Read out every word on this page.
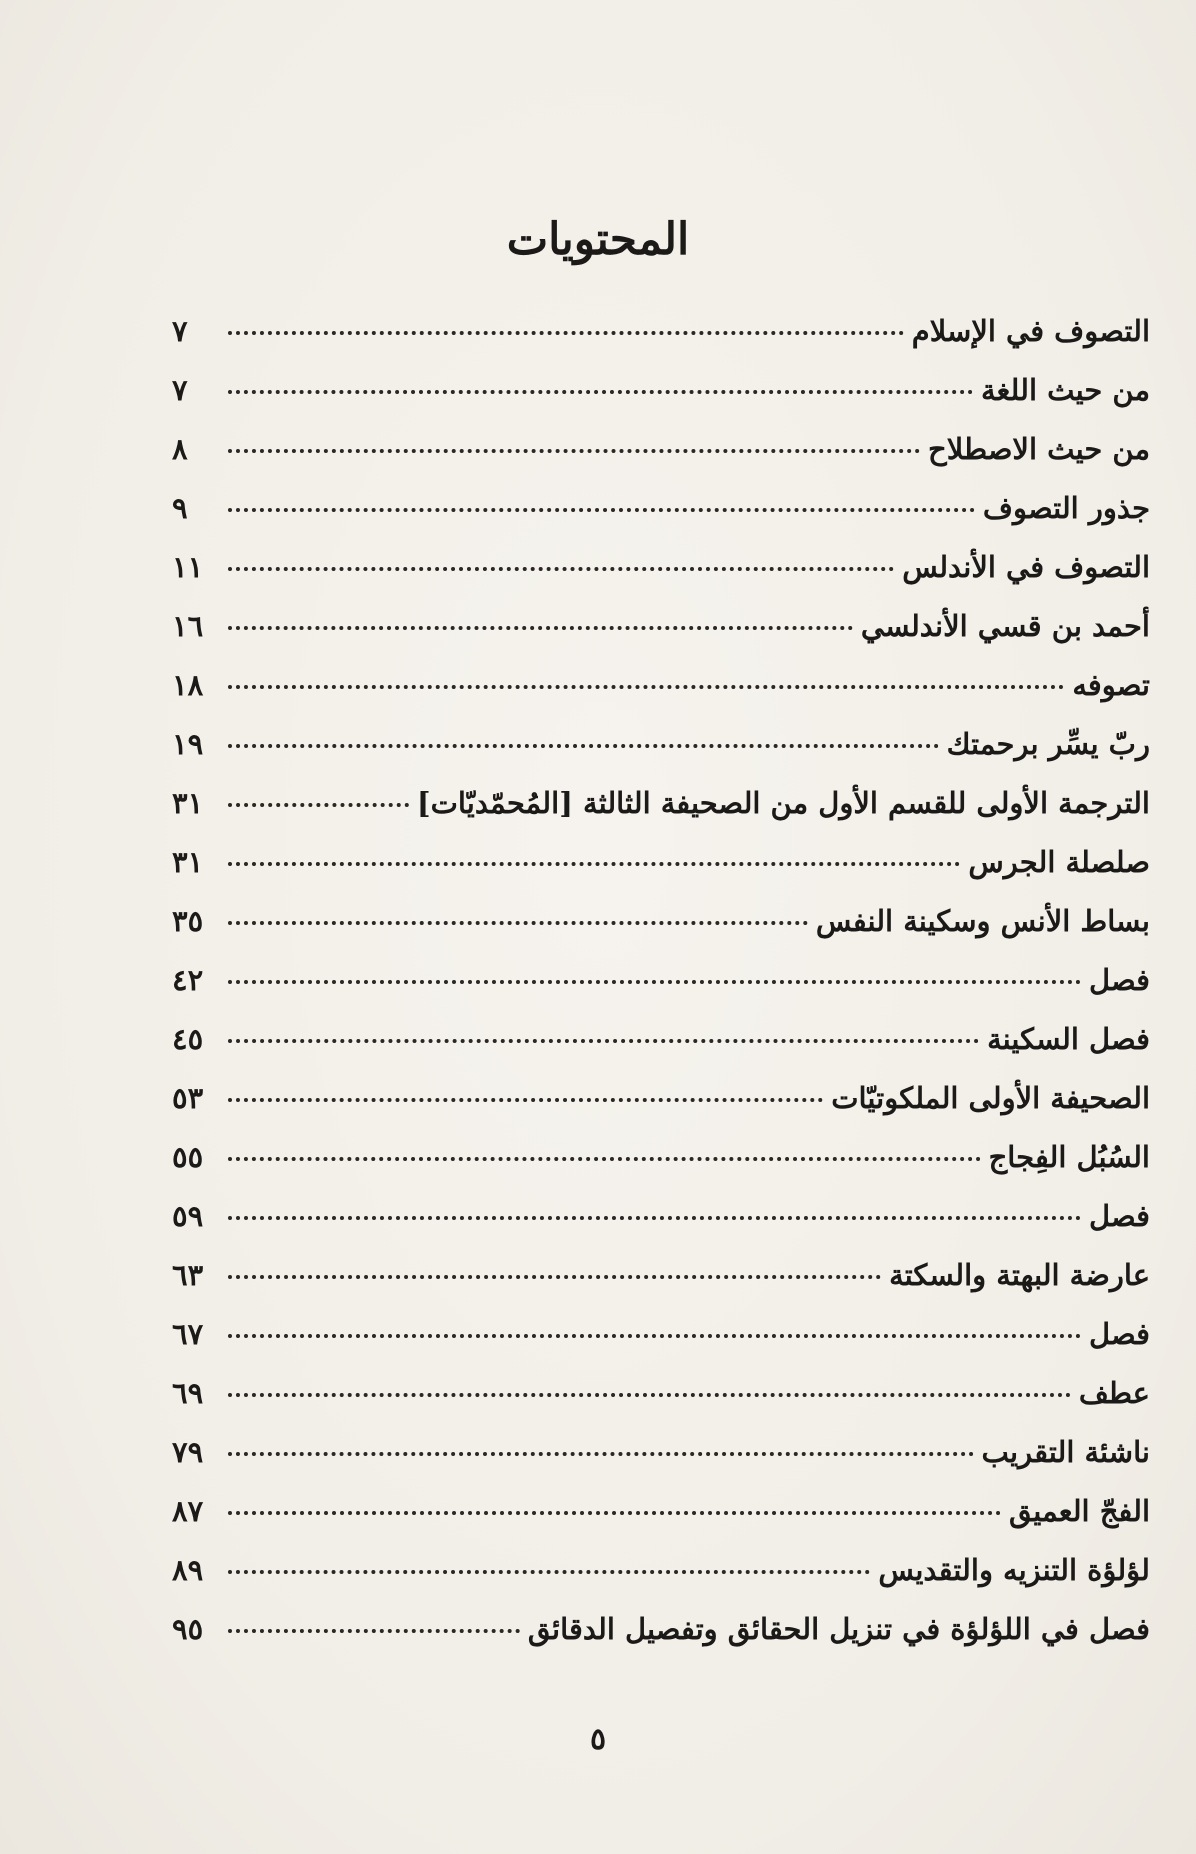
المحتويات
التصوف في الإسلام
٧
من حيث اللغة
٧
من حيث الاصطلاح
٨
جذور التصوف
٩
التصوف في الأندلس
١١
أحمد بن قسي الأندلسي
١٦
تصوفه
١٨
ربّ يسِّر برحمتك
١٩
الترجمة الأولى للقسم الأول من الصحيفة الثالثة [المُحمّديّات]
٣١
صلصلة الجرس
٣١
بساط الأنس وسكينة النفس
٣٥
فصل
٤٢
فصل السكينة
٤٥
الصحيفة الأولى الملكوتيّات
٥٣
السُبُل الفِجاج
٥٥
فصل
٥٩
عارضة البهتة والسكتة
٦٣
فصل
٦٧
عطف
٦٩
ناشئة التقريب
٧٩
الفجّ العميق
٨٧
لؤلؤة التنزيه والتقديس
٨٩
فصل في اللؤلؤة في تنزيل الحقائق وتفصيل الدقائق
٩٥
٥
